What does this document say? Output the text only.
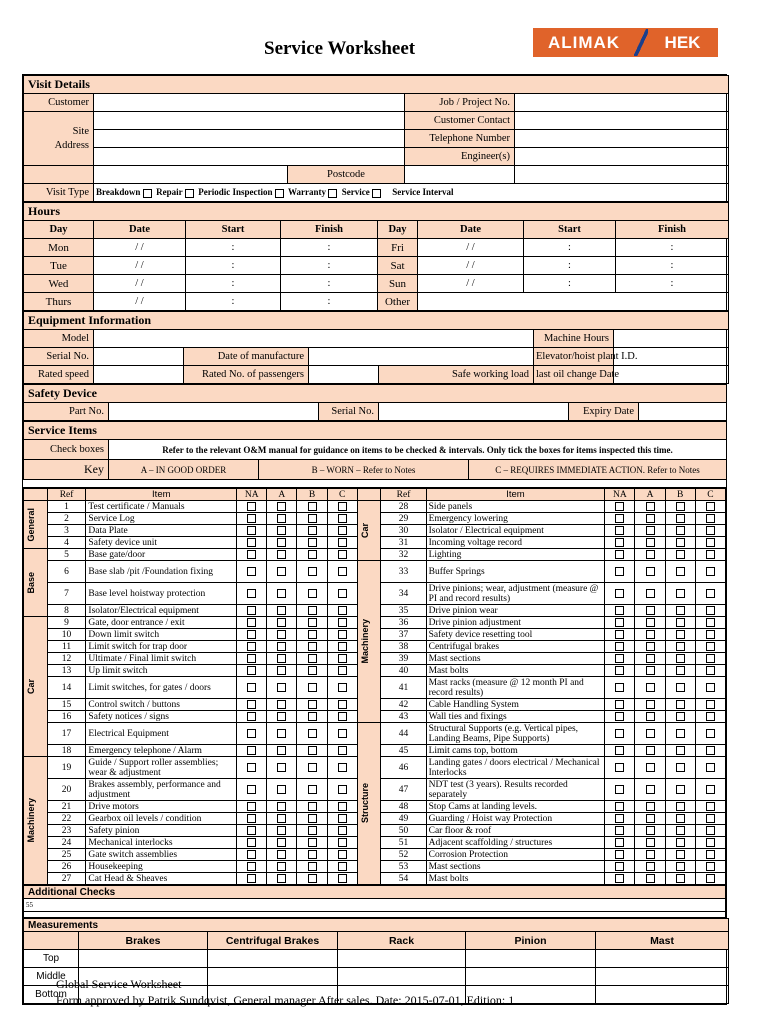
Service Worksheet	ALIMAK	HEK
Visit Details				
Customer			Job / Project No.	
Site
Address			Customer Contact	
			Telephone Number	
			Engineer(s)	
		Postcode		
Visit Type	Breakdown Repair Periodic Inspection Warranty Service Service Interval			
Hours							
Day	Date	Start	Finish	Day	Date	Start	Finish
Mon	/ /	:	:	Fri	/ /	:	:
Tue	/ /	:	:	Sat	/ /	:	:
Wed	/ /	:	:	Sun	/ /	:	:
Thurs	/ /	:	:	Other			
Equipment Information						
Model					Machine Hours	
Serial No.		Date of manufacture			Elevator/hoist plant I.D.	
Rated speed		Rated No. of passengers		Safe working load	last oil change Date	
Safety Device
Part No.		Serial No.		Expiry Date	
Service Items			
Check boxes	Refer to the relevant O&M manual for guidance on items to be checked & intervals. Only tick the boxes for items inspected this time.		
Key	A – IN GOOD ORDER	B – WORN – Refer to Notes	C – REQUIRES IMMEDIATE ACTION. Refer to Notes
	Ref	Item	NA	A	B	C		Ref	Item	NA	A	B	C

General	1	Test certificate / Manuals					Car	28	Side panels				
	2	Service Log						29	Emergency lowering				
	3	Data Plate						30	Isolator / Electrical equipment				
	4	Safety device unit						31	Incoming voltage record				

Base	5	Base gate/door						32	Lighting				
	6	Base slab /pit /Foundation fixing					Machinery	33	Buffer Springs				
	7	Base level hoistway protection						34	Drive pinions; wear, adjustment (measure @ PI and record results)				
	8	Isolator/Electrical equipment						35	Drive pinion wear				

Car	9	Gate, door entrance / exit						36	Drive pinion adjustment				
	10	Down limit switch						37	Safety device resetting tool				
	11	Limit switch for trap door						38	Centrifugal brakes				
	12	Ultimate / Final limit switch						39	Mast sections				
	13	Up limit switch						40	Mast bolts				
	14	Limit switches, for gates / doors						41	Mast racks (measure @ 12 month PI and record results)				
	15	Control switch / buttons						42	Cable Handling System				
	16	Safety notices / signs						43	Wall ties and fixings				
	17	Electrical Equipment					Structure	44	Structural Supports (e.g. Vertical pipes, Landing Beams, Pipe Supports)				
	18	Emergency telephone / Alarm						45	Limit cams top, bottom				

Machinery	19	Guide / Support roller assemblies; wear & adjustment						46	Landing gates / doors electrical / Mechanical Interlocks				
	20	Brakes assembly, performance and adjustment						47	NDT test (3 years). Results recorded separately				
	21	Drive motors						48	Stop Cams at landing levels.				
	22	Gearbox oil levels / condition						49	Guarding / Hoist way Protection				
	23	Safety pinion						50	Car floor & roof				
	24	Mechanical interlocks						51	Adjacent scaffolding / structures				
	25	Gate switch assemblies						52	Corrosion Protection				
	26	Housekeeping						53	Mast sections				
	27	Cat Head & Sheaves						54	Mast bolts				
Additional Checks
55

Measurements					
	Brakes	Centrifugal Brakes	Rack	Pinion	Mast
Top					
Middle					
Bottom					
Global Service Worksheet
Form approved by Patrik Sundqvist, General manager After sales. Date: 2015-07-01, Edition: 1
